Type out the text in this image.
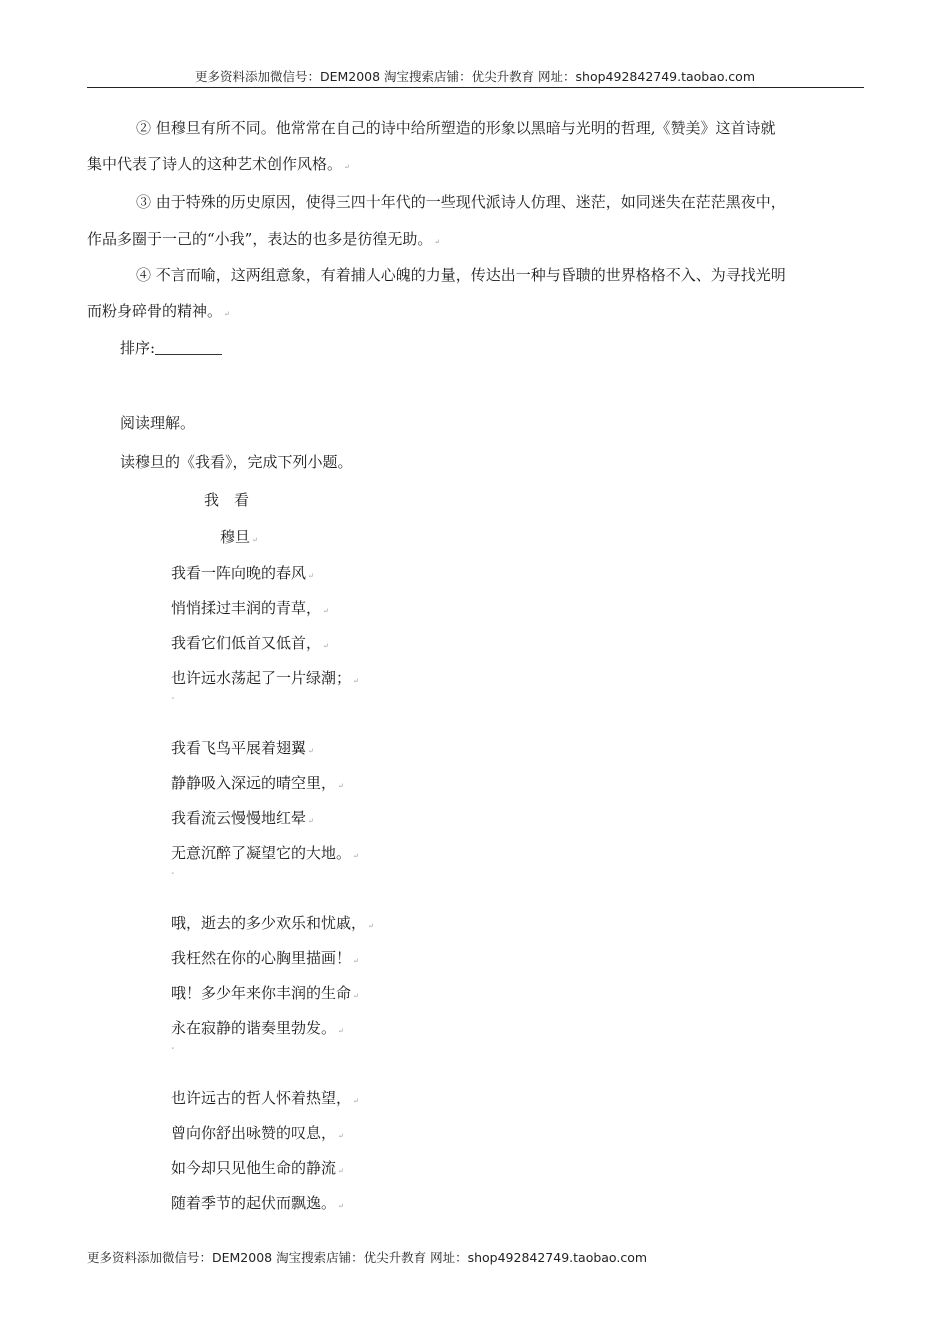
更多资料添加微信号：DEM2008 淘宝搜索店铺：优尖升教育 网址：shop492842749.taobao.com
② 但穆旦有所不同。他常常在自己的诗中给所塑造的形象以黑暗与光明的哲理,《赞美》这首诗就
集中代表了诗人的这种艺术创作风格。 ↵
③ 由于特殊的历史原因，使得三四十年代的一些现代派诗人仿理、迷茫，如同迷失在茫茫黑夜中，
作品多圈于一己的“小我”，表达的也多是彷徨无助。 ↵
④ 不言而喻，这两组意象，有着捕人心魄的力量，传达出一种与昏聩的世界格格不入、为寻找光明
而粉身碎骨的精神。 ↵
排序:
阅读理解。
读穆旦的《我看》，完成下列小题。
我　看
穆旦 ↵
我看一阵向晚的春风 ↵
悄悄揉过丰润的青草， ↵
我看它们低首又低首， ↵
也许远水荡起了一片绿潮； ↵
˅
我看飞鸟平展着翅翼 ↵
静静吸入深远的晴空里， ↵
我看流云慢慢地红晕 ↵
无意沉醉了凝望它的大地。 ↵
˅
哦，逝去的多少欢乐和忧戚， ↵
我枉然在你的心胸里描画！ ↵
哦！多少年来你丰润的生命 ↵
永在寂静的谐奏里勃发。 ↵
˅
也许远古的哲人怀着热望， ↵
曾向你舒出咏赞的叹息， ↵
如今却只见他生命的静流 ↵
随着季节的起伏而飘逸。 ↵
更多资料添加微信号：DEM2008 淘宝搜索店铺：优尖升教育 网址：shop492842749.taobao.com
